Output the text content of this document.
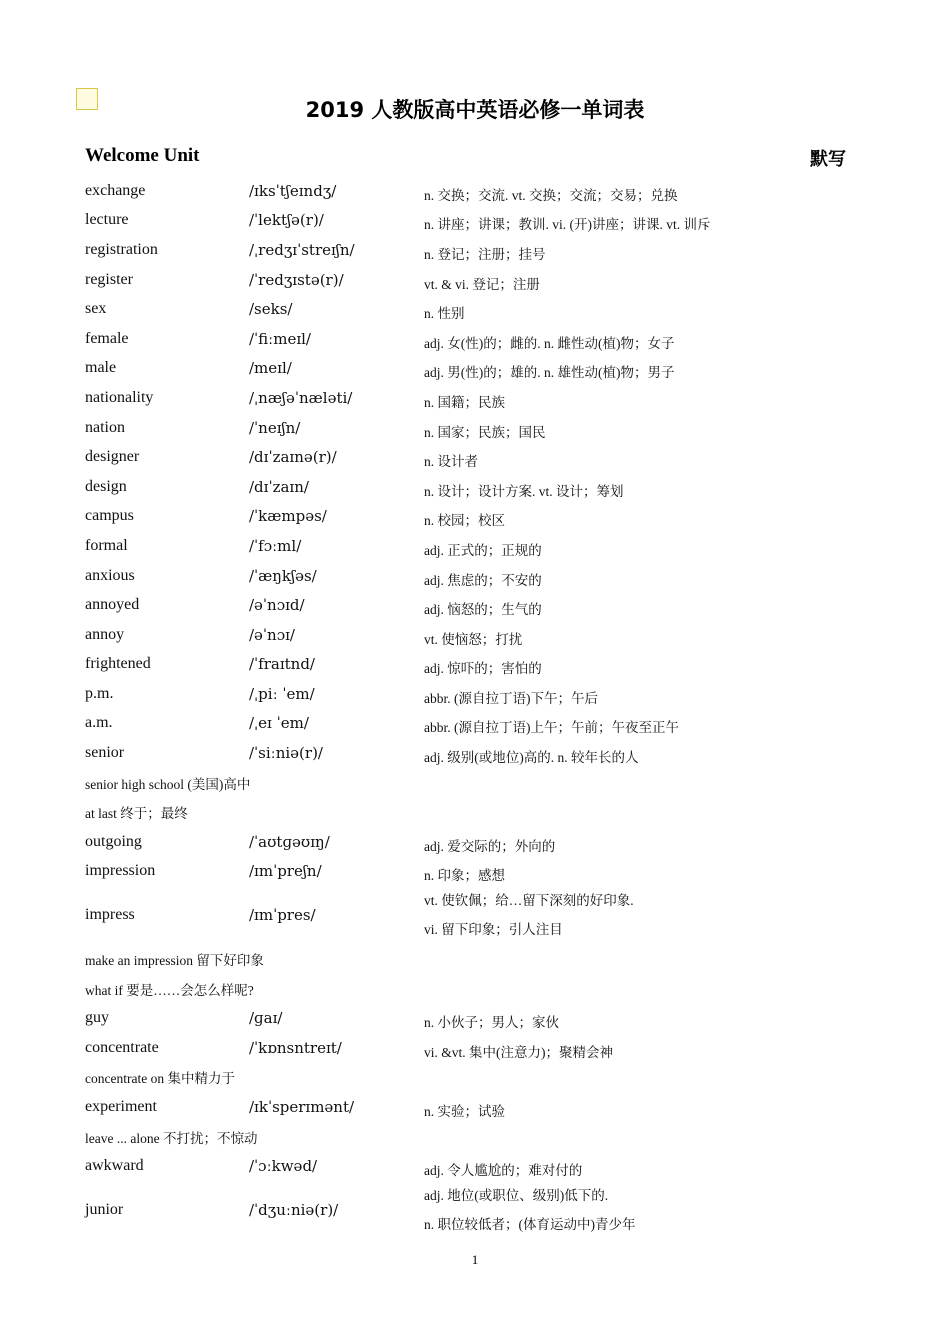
2019 人教版高中英语必修一单词表
Welcome Unit	默写
exchange	/ɪksˈtʃeɪndʒ/	n. 交换；交流. vt. 交换；交流；交易；兑换
lecture	/ˈlektʃə(r)/	n. 讲座；讲课；教训. vi. (开)讲座；讲课. vt. 训斥
registration	/ˌredʒɪˈstreɪʃn/	n. 登记；注册；挂号
register	/ˈredʒɪstə(r)/	vt. & vi. 登记；注册
sex	/seks/	n. 性别
female	/ˈfiːmeɪl/	adj. 女(性)的；雌的. n. 雌性动(植)物；女子
male	/meɪl/	adj. 男(性)的；雄的. n. 雄性动(植)物；男子
nationality	/ˌnæʃəˈnæləti/	n. 国籍；民族
nation	/ˈneɪʃn/	n. 国家；民族；国民
designer	/dɪˈzaɪnə(r)/	n. 设计者
design	/dɪˈzaɪn/	n. 设计；设计方案. vt. 设计；筹划
campus	/ˈkæmpəs/	n. 校园；校区
formal	/ˈfɔːml/	adj. 正式的；正规的
anxious	/ˈæŋkʃəs/	adj. 焦虑的；不安的
annoyed	/əˈnɔɪd/	adj. 恼怒的；生气的
annoy	/əˈnɔɪ/	vt. 使恼怒；打扰
frightened	/ˈfraɪtnd/	adj. 惊吓的；害怕的
p.m.	/ˌpiː ˈem/	abbr. (源自拉丁语)下午；午后
a.m.	/ˌeɪ ˈem/	abbr. (源自拉丁语)上午；午前；午夜至正午
senior	/ˈsiːniə(r)/	adj. 级别(或地位)高的. n. 较年长的人
senior high school (美国)高中
at last 终于；最终
outgoing	/ˈaʊtɡəʊɪŋ/	adj. 爱交际的；外向的
impression	/ɪmˈpreʃn/	n. 印象；感想
impress	/ɪmˈpres/
vt. 使钦佩；给…留下深刻的好印象.
vi. 留下印象；引人注目
make an impression 留下好印象
what if 要是……会怎么样呢?
guy	/ɡaɪ/	n. 小伙子；男人；家伙
concentrate	/ˈkɒnsntreɪt/	vi. &vt. 集中(注意力)；聚精会神
concentrate on 集中精力于
experiment	/ɪkˈsperɪmənt/	n. 实验；试验
leave ... alone 不打扰；不惊动
awkward	/ˈɔːkwəd/	adj. 令人尴尬的；难对付的
junior	/ˈdʒuːniə(r)/
adj. 地位(或职位、级别)低下的.
n. 职位较低者；(体育运动中)青少年
1
